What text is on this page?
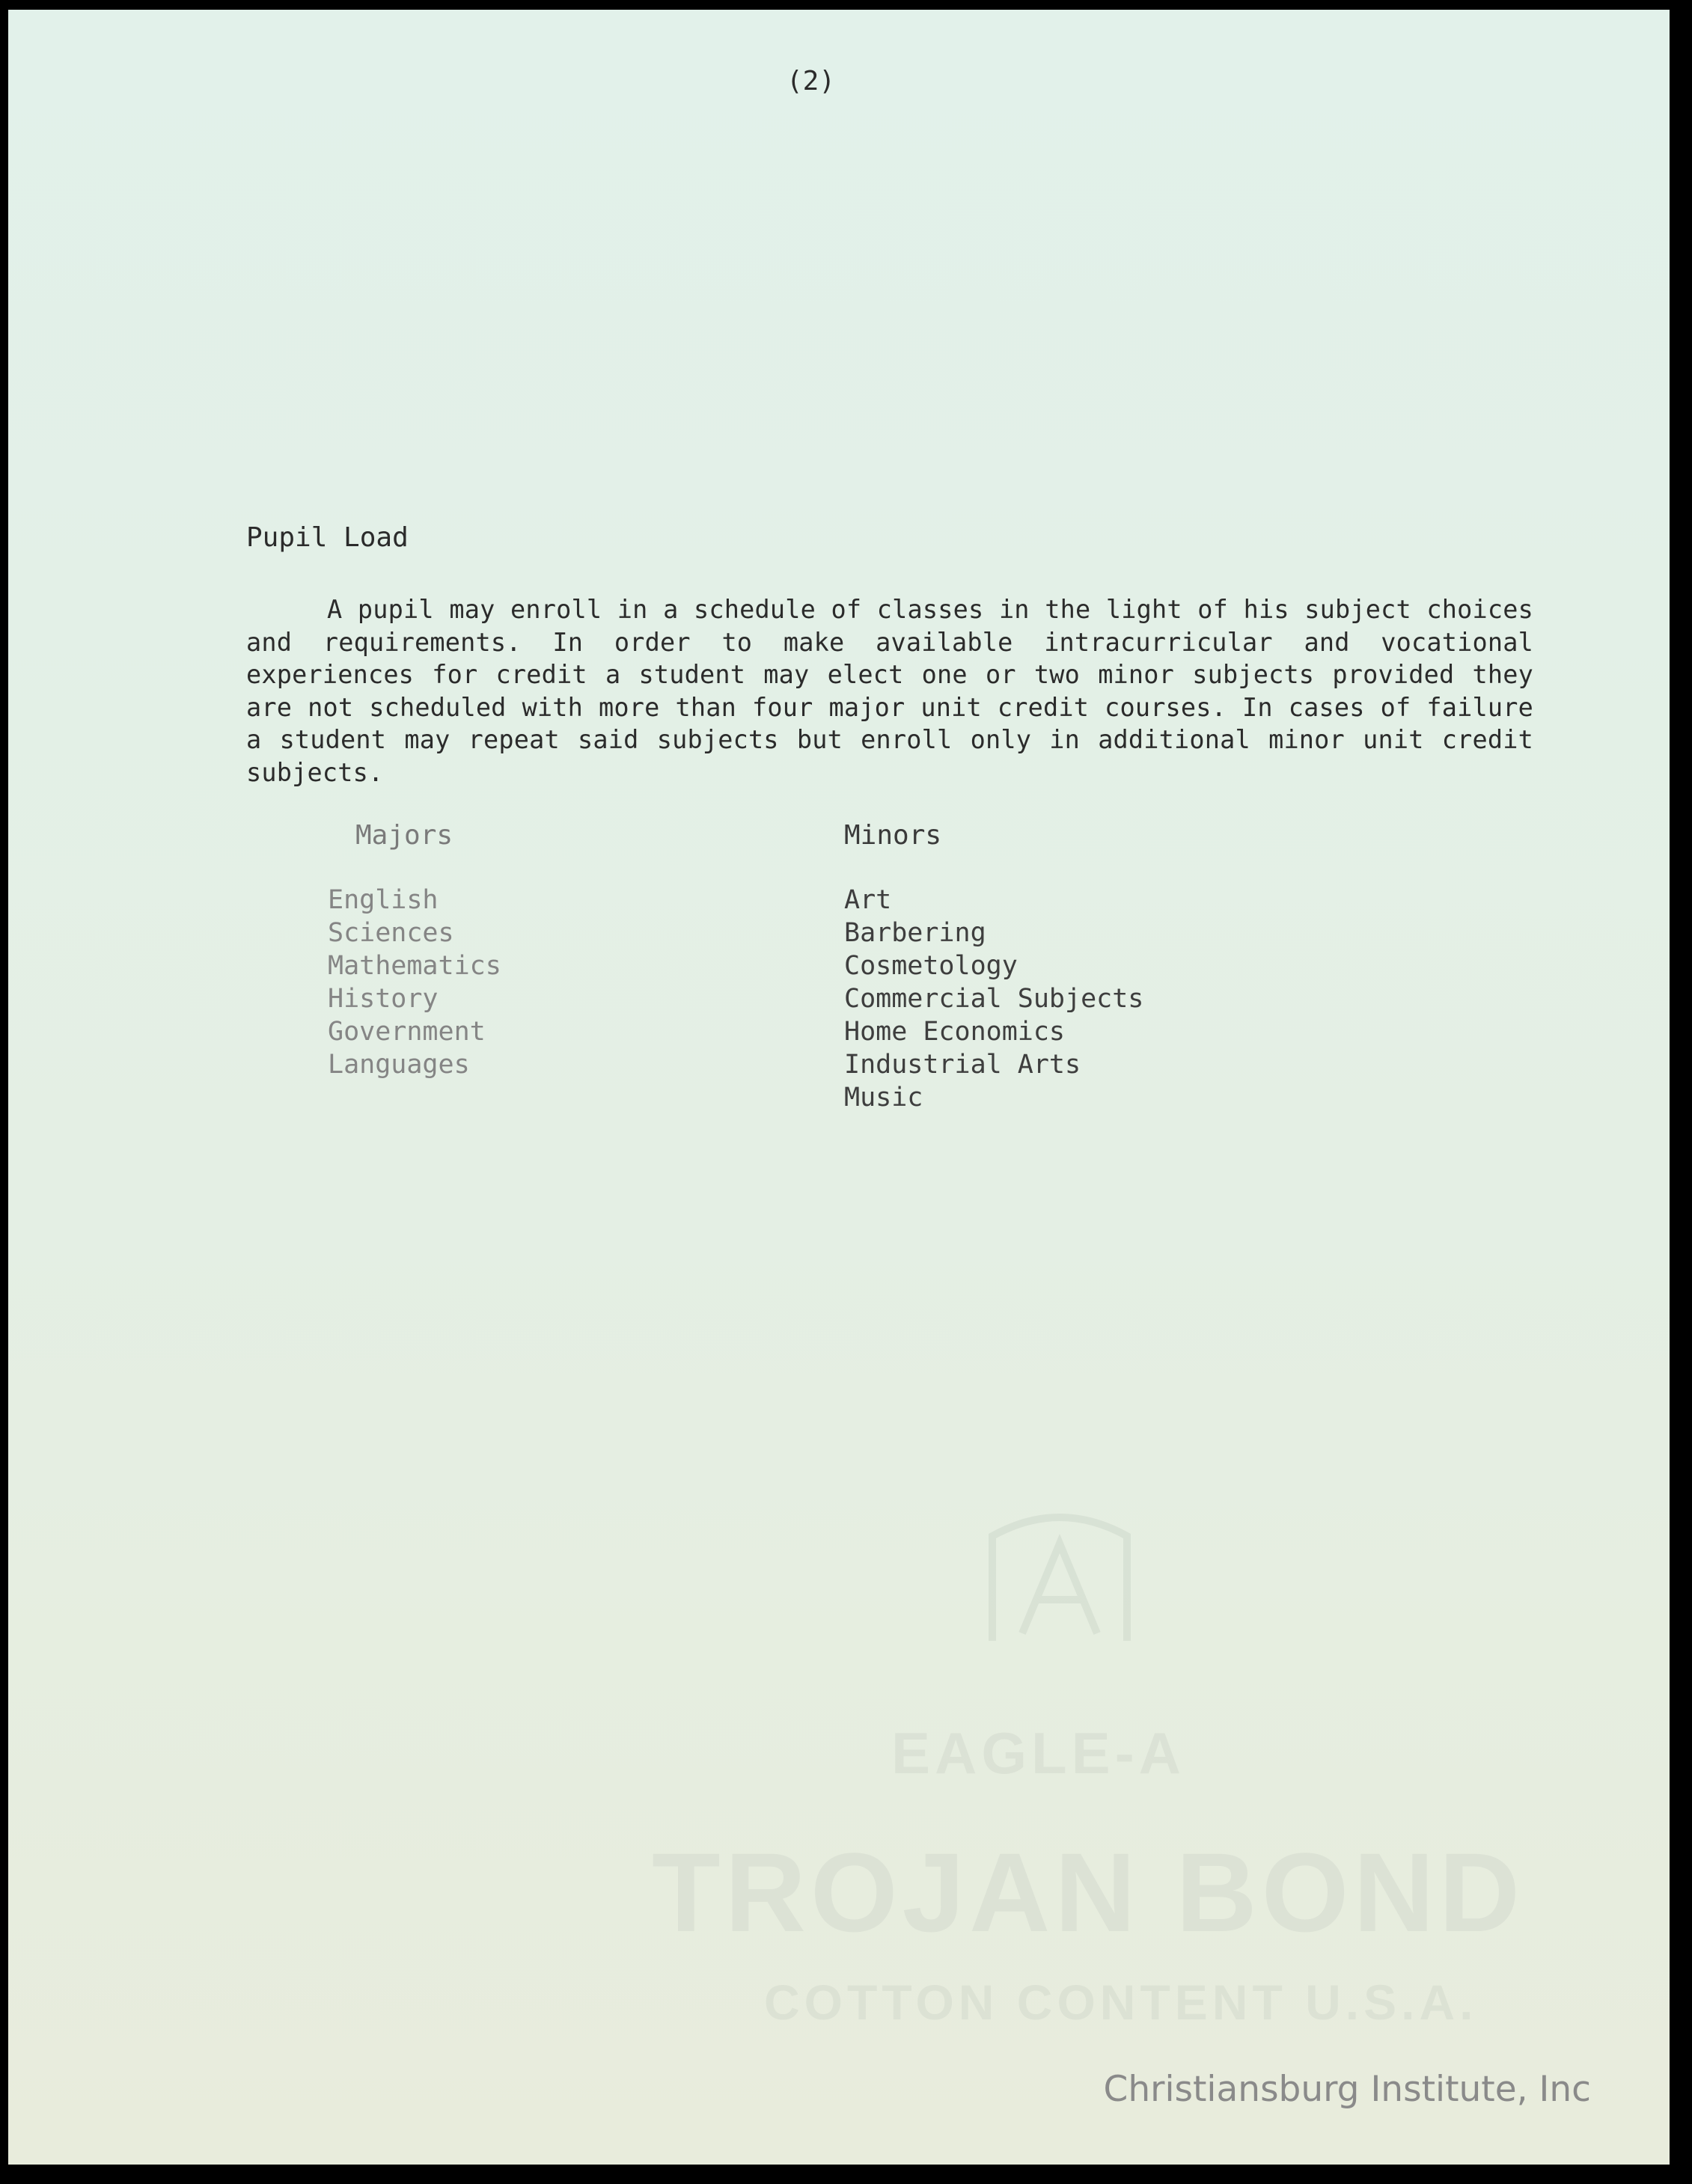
(2)
Pupil Load

A pupil may enroll in a schedule of classes in the light of his subject choices and requirements. In order to make available intracurricular and vocational experiences for credit a student may elect one or two minor subjects provided they are not scheduled with more than four major unit credit courses. In cases of failure a student may repeat said subjects but enroll only in additional minor unit credit subjects.

Majors
English
Sciences
Mathematics
History
Government
Languages
Minors
Art
Barbering
Cosmetology
Commercial Subjects
Home Economics
Industrial Arts
Music
EAGLE-A
TROJAN BOND
COTTON CONTENT U.S.A.
Christiansburg Institute, Inc
